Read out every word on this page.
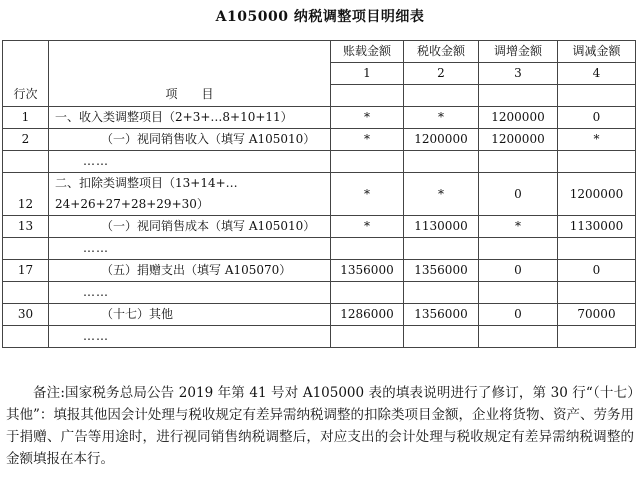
A105000 纳税调整项目明细表
行次	项　　目	账载金额	税收金额	调增金额	调减金额
		1	2	3	4

1	一、收入类调整项目（2+3+…8+10+11）	*	*	1200000	0
2	（一）视同销售收入（填写 A105010）	*	1200000	1200000	*
	……				
12	二、扣除类调整项目（13+14+…24+26+27+28+29+30）	*	*	0	1200000
13	（一）视同销售成本（填写 A105010）	*	1130000	*	1130000
	……				
17	（五）捐赠支出（填写 A105070）	1356000	1356000	0	0
	……				
30	（十七）其他	1286000	1356000	0	70000
	……				

备注:国家税务总局公告 2019 年第 41 号对 A105000 表的填表说明进行了修订，第 30 行“（十七）其他”：填报其他因会计处理与税收规定有差异需纳税调整的扣除类项目金额，企业将货物、资产、劳务用于捐赠、广告等用途时，进行视同销售纳税调整后，对应支出的会计处理与税收规定有差异需纳税调整的金额填报在本行。
